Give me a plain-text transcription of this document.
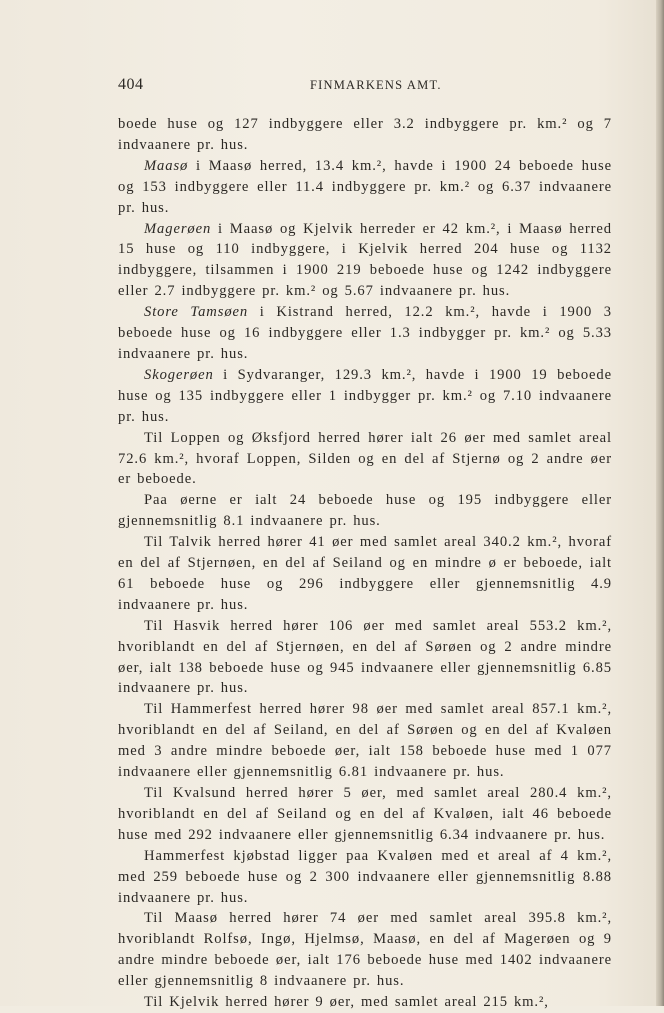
404	FINMARKENS AMT.

boede huse og 127 indbyggere eller 3.2 indbyggere pr. km.² og 7 indvaanere pr. hus.

Maasø i Maasø herred, 13.4 km.², havde i 1900 24 beboede huse og 153 indbyggere eller 11.4 indbyggere pr. km.² og 6.37 indvaanere pr. hus.

Magerøen i Maasø og Kjelvik herreder er 42 km.², i Maasø herred 15 huse og 110 indbyggere, i Kjelvik herred 204 huse og 1132 indbyggere, tilsammen i 1900 219 beboede huse og 1242 indbyggere eller 2.7 indbyggere pr. km.² og 5.67 indvaanere pr. hus.

Store Tamsøen i Kistrand herred, 12.2 km.², havde i 1900 3 beboede huse og 16 indbyggere eller 1.3 indbygger pr. km.² og 5.33 indvaanere pr. hus.

Skogerøen i Sydvaranger, 129.3 km.², havde i 1900 19 beboede huse og 135 indbyggere eller 1 indbygger pr. km.² og 7.10 indvaanere pr. hus.

Til Loppen og Øksfjord herred hører ialt 26 øer med samlet areal 72.6 km.², hvoraf Loppen, Silden og en del af Stjernø og 2 andre øer er beboede.

Paa øerne er ialt 24 beboede huse og 195 indbyggere eller gjennemsnitlig 8.1 indvaanere pr. hus.

Til Talvik herred hører 41 øer med samlet areal 340.2 km.², hvoraf en del af Stjernøen, en del af Seiland og en mindre ø er beboede, ialt 61 beboede huse og 296 indbyggere eller gjennemsnitlig 4.9 indvaanere pr. hus.

Til Hasvik herred hører 106 øer med samlet areal 553.2 km.², hvoriblandt en del af Stjernøen, en del af Sørøen og 2 andre mindre øer, ialt 138 beboede huse og 945 indvaanere eller gjennemsnitlig 6.85 indvaanere pr. hus.

Til Hammerfest herred hører 98 øer med samlet areal 857.1 km.², hvoriblandt en del af Seiland, en del af Sørøen og en del af Kvaløen med 3 andre mindre beboede øer, ialt 158 beboede huse med 1 077 indvaanere eller gjennemsnitlig 6.81 indvaanere pr. hus.

Til Kvalsund herred hører 5 øer, med samlet areal 280.4 km.², hvoriblandt en del af Seiland og en del af Kvaløen, ialt 46 beboede huse med 292 indvaanere eller gjennemsnitlig 6.34 indvaanere pr. hus.

Hammerfest kjøbstad ligger paa Kvaløen med et areal af 4 km.², med 259 beboede huse og 2 300 indvaanere eller gjennemsnitlig 8.88 indvaanere pr. hus.

Til Maasø herred hører 74 øer med samlet areal 395.8 km.², hvoriblandt Rolfsø, Ingø, Hjelmsø, Maasø, en del af Magerøen og 9 andre mindre beboede øer, ialt 176 beboede huse med 1402 indvaanere eller gjennemsnitlig 8 indvaanere pr. hus.

Til Kjelvik herred hører 9 øer, med samlet areal 215 km.²,
